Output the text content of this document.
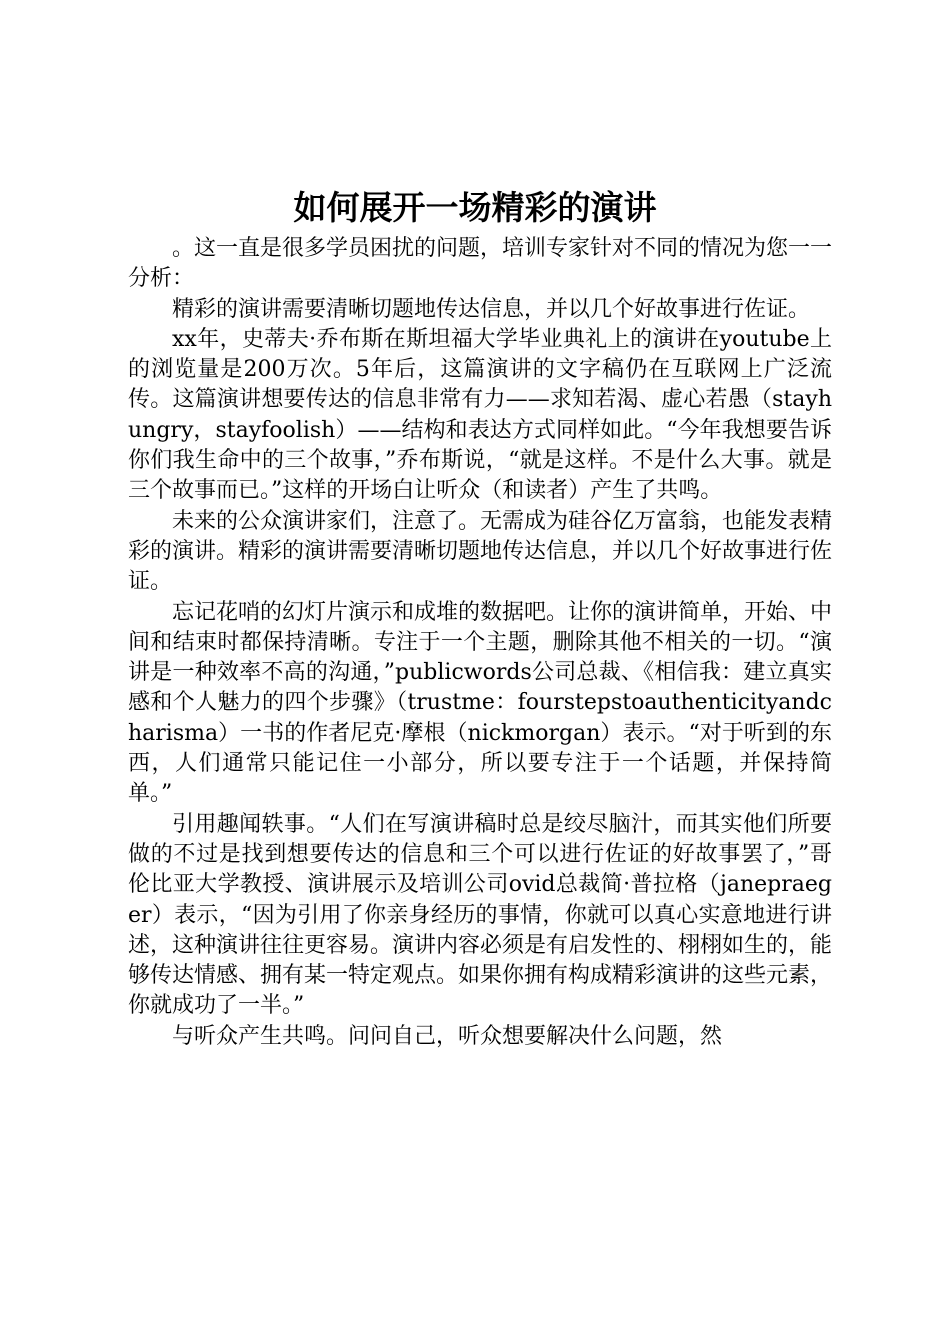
如何展开一场精彩的演讲

。这一直是很多学员困扰的问题，培训专家针对不同的情况为您一一分析：

精彩的演讲需要清晰切题地传达信息，并以几个好故事进行佐证。

xx年，史蒂夫·乔布斯在斯坦福大学毕业典礼上的演讲在youtube上的浏览量是200万次。5年后，这篇演讲的文字稿仍在互联网上广泛流传。这篇演讲想要传达的信息非常有力——求知若渴、虚心若愚（stayhungry，stayfoolish）——结构和表达方式同样如此。“今年我想要告诉你们我生命中的三个故事，”乔布斯说，“就是这样。不是什么大事。就是三个故事而已。”这样的开场白让听众（和读者）产生了共鸣。

未来的公众演讲家们，注意了。无需成为硅谷亿万富翁，也能发表精彩的演讲。精彩的演讲需要清晰切题地传达信息，并以几个好故事进行佐证。

忘记花哨的幻灯片演示和成堆的数据吧。让你的演讲简单，开始、中间和结束时都保持清晰。专注于一个主题，删除其他不相关的一切。“演讲是一种效率不高的沟通，”publicwords公司总裁、《相信我：建立真实感和个人魅力的四个步骤》（trustme：fourstepstoauthenticityandcharisma）一书的作者尼克·摩根（nickmorgan）表示。“对于听到的东西，人们通常只能记住一小部分，所以要专注于一个话题，并保持简单。”

引用趣闻轶事。“人们在写演讲稿时总是绞尽脑汁，而其实他们所要做的不过是找到想要传达的信息和三个可以进行佐证的好故事罢了，”哥伦比亚大学教授、演讲展示及培训公司ovid总裁简·普拉格（janepraeger）表示，“因为引用了你亲身经历的事情，你就可以真心实意地进行讲述，这种演讲往往更容易。演讲内容必须是有启发性的、栩栩如生的，能够传达情感、拥有某一特定观点。如果你拥有构成精彩演讲的这些元素，你就成功了一半。”

与听众产生共鸣。问问自己，听众想要解决什么问题，然
